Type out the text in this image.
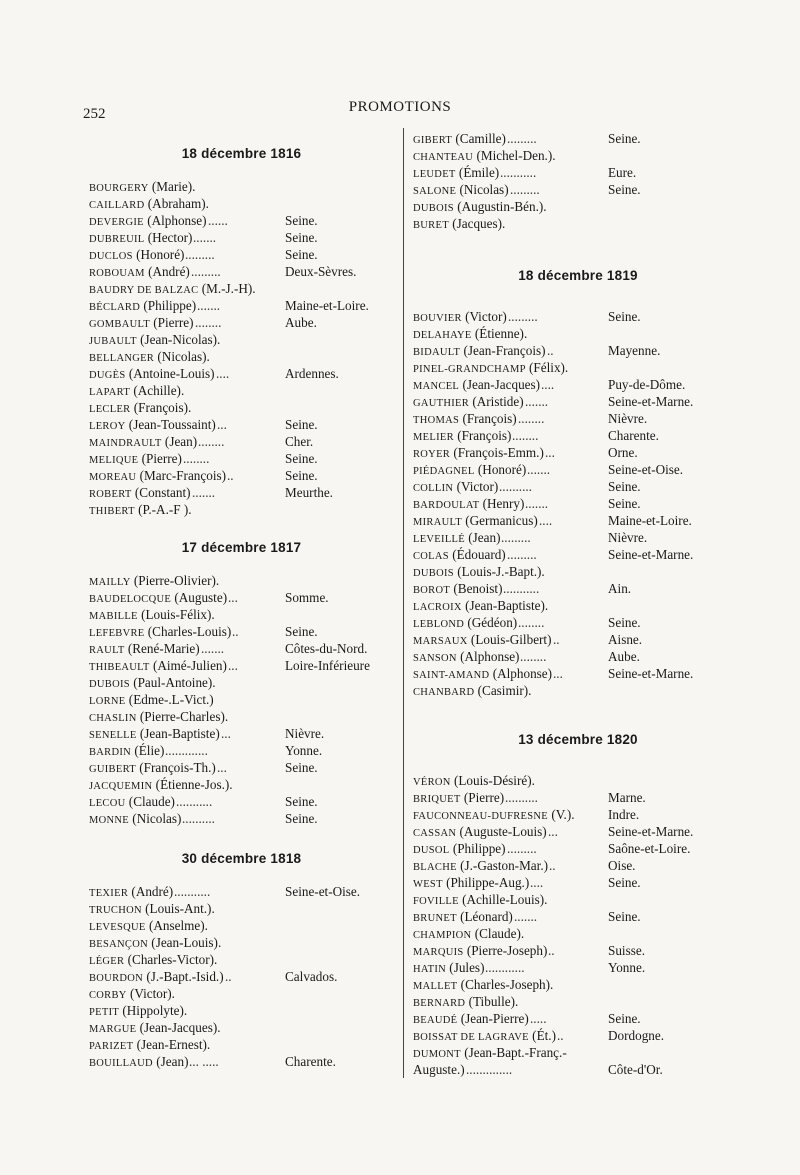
252	PROMOTIONS
18 décembre 1816
BOURGERY (Marie).
CAILLARD (Abraham).
DEVERGIE (Alphonse) ......	Seine.
DUBREUIL (Hector) .......	Seine.
DUCLOS (Honoré) .........	Seine.
ROBOUAM (André) .........	Deux-Sèvres.
BAUDRY DE BALZAC (M.-J.-H).
BÉCLARD (Philippe) .......	Maine-et-Loire.
GOMBAULT (Pierre) ........	Aube.
JUBAULT (Jean-Nicolas).
BELLANGER (Nicolas).
DUGÈS (Antoine-Louis) ....	Ardennes.
LAPART (Achille).
LECLER (François).
LEROY (Jean-Toussaint) ...	Seine.
MAINDRAULT (Jean) ........	Cher.
MELIQUE (Pierre) ........	Seine.
MOREAU (Marc-François) ..	Seine.
ROBERT (Constant) .......	Meurthe.
THIBERT (P.-A.-F ).
17 décembre 1817
MAILLY (Pierre-Olivier).
BAUDELOCQUE (Auguste) ...	Somme.
MABILLE (Louis-Félix).
LEFEBVRE (Charles-Louis) ..	Seine.
RAULT (René-Marie) .......	Côtes-du-Nord.
THIBEAULT (Aimé-Julien) ...	Loire-Inférieure
DUBOIS (Paul-Antoine).
LORNE (Edme-.L-Vict.)
CHASLIN (Pierre-Charles).
SENELLE (Jean-Baptiste) ...	Nièvre.
BARDIN (Élie) .............	Yonne.
GUIBERT (François-Th.) ...	Seine.
JACQUEMIN (Étienne-Jos.).
LECOU (Claude) ...........	Seine.
MONNE (Nicolas) ..........	Seine.
30 décembre 1818
TEXIER (André) ...........	Seine-et-Oise.
TRUCHON (Louis-Ant.).
LEVESQUE (Anselme).
BESANÇON (Jean-Louis).
LÉGER (Charles-Victor).
BOURDON (J.-Bapt.-Isid.) ..	Calvados.
CORBY (Victor).
PETIT (Hippolyte).
MARGUE (Jean-Jacques).
PARIZET (Jean-Ernest).
BOUILLAUD (Jean) ... .....	Charente.
GIBERT (Camille) .........	Seine.
CHANTEAU (Michel-Den.).
LEUDET (Émile) ...........	Eure.
SALONE (Nicolas) .........	Seine.
DUBOIS (Augustin-Bén.).
BURET (Jacques).
18 décembre 1819
BOUVIER (Victor) .........	Seine.
DELAHAYE (Étienne).
BIDAULT (Jean-François) ..	Mayenne.
PINEL-GRANDCHAMP (Félix).
MANCEL (Jean-Jacques) ....	Puy-de-Dôme.
GAUTHIER (Aristide) .......	Seine-et-Marne.
THOMAS (François) ........	Nièvre.
MELIER (François) ........	Charente.
ROYER (François-Emm.) ...	Orne.
PIÉDAGNEL (Honoré) .......	Seine-et-Oise.
COLLIN (Victor) ..........	Seine.
BARDOULAT (Henry) .......	Seine.
MIRAULT (Germanicus) ....	Maine-et-Loire.
LEVEILLÉ (Jean) .........	Nièvre.
COLAS (Édouard) .........	Seine-et-Marne.
DUBOIS (Louis-J.-Bapt.).
BOROT (Benoist) ...........	Ain.
LACROIX (Jean-Baptiste).
LEBLOND (Gédéon) ........	Seine.
MARSAUX (Louis-Gilbert) ..	Aisne.
SANSON (Alphonse) ........	Aube.
SAINT-AMAND (Alphonse) ...	Seine-et-Marne.
CHANBARD (Casimir).
13 décembre 1820
VÉRON (Louis-Désiré).
BRIQUET (Pierre) ..........	Marne.
FAUCONNEAU-DUFRESNE (V.).	Indre.
CASSAN (Auguste-Louis) ...	Seine-et-Marne.
DUSOL (Philippe) .........	Saône-et-Loire.
BLACHE (J.-Gaston-Mar.) ..	Oise.
WEST (Philippe-Aug.) ....	Seine.
FOVILLE (Achille-Louis).
BRUNET (Léonard) .......	Seine.
CHAMPION (Claude).
MARQUIS (Pierre-Joseph) ..	Suisse.
HATIN (Jules) ............	Yonne.
MALLET (Charles-Joseph).
BERNARD (Tibulle).
BEAUDÉ (Jean-Pierre) .....	Seine.
BOISSAT DE LAGRAVE (Ét.) ..	Dordogne.
DUMONT (Jean-Bapt.-Franç.-
Auguste.) ..............	Côte-d'Or.
